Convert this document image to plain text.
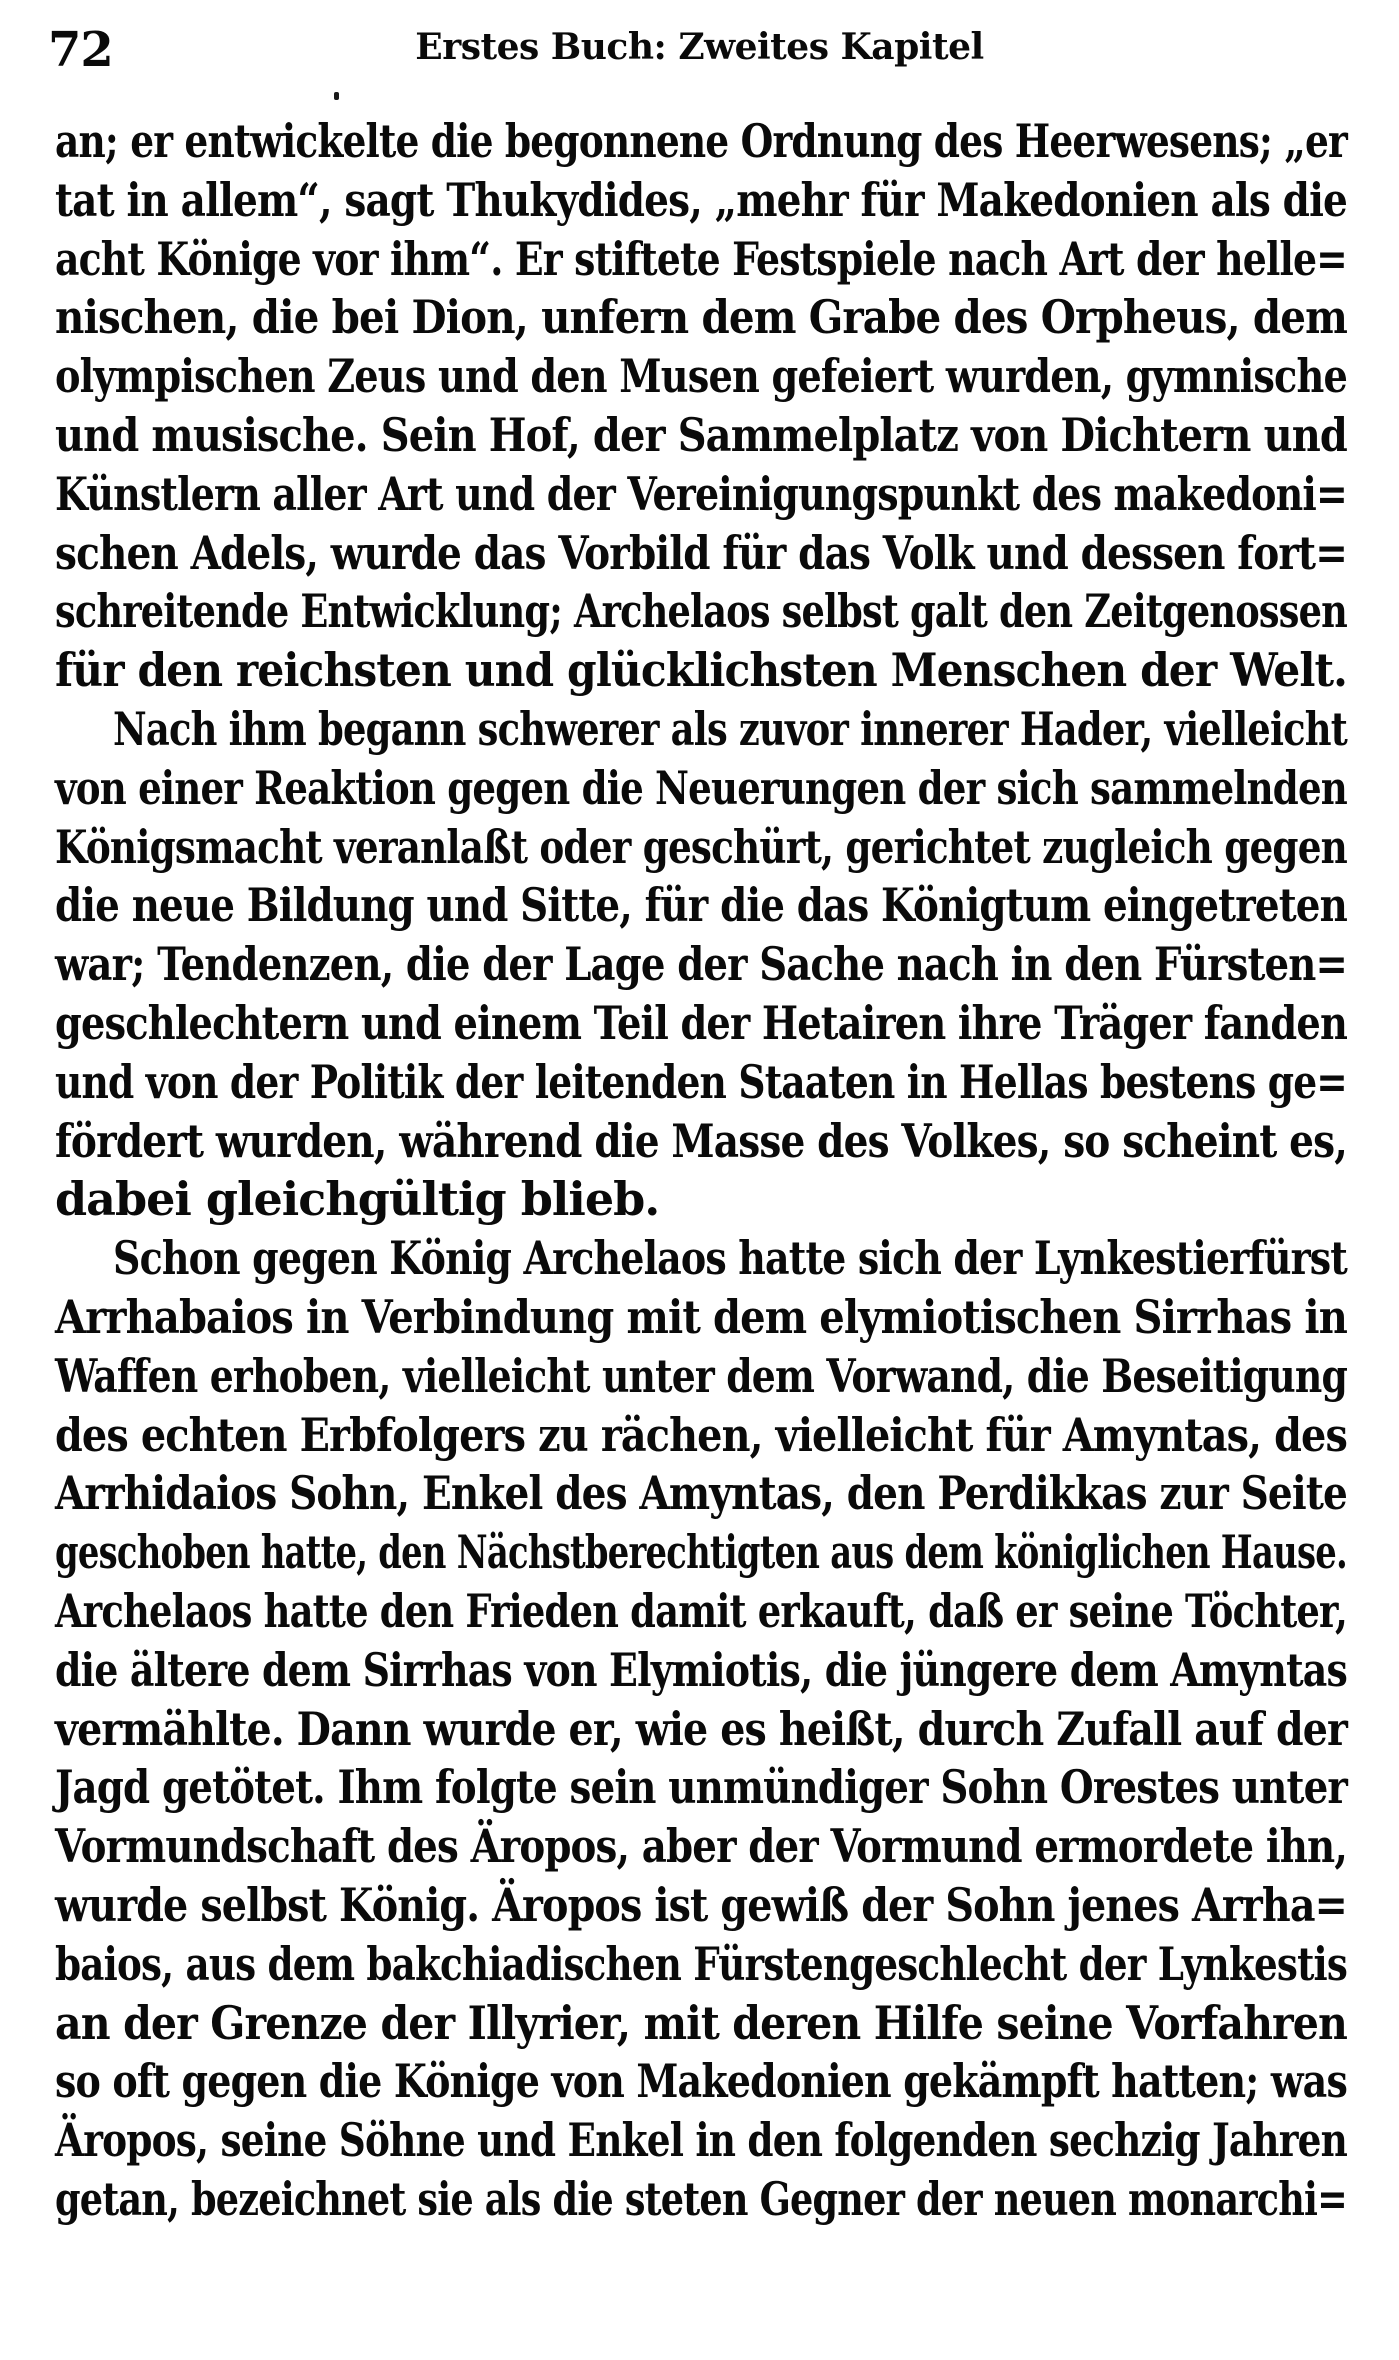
72	Erstes Buch: Zweites Kapitel
an; er entwickelte die begonnene Ordnung des Heerwesens; „er
tat in allem“, sagt Thukydides, „mehr für Makedonien als die
acht Könige vor ihm“. Er stiftete Festspiele nach Art der helle=
nischen, die bei Dion, unfern dem Grabe des Orpheus, dem
olympischen Zeus und den Musen gefeiert wurden, gymnische
und musische. Sein Hof, der Sammelplatz von Dichtern und
Künstlern aller Art und der Vereinigungspunkt des makedoni=
schen Adels, wurde das Vorbild für das Volk und dessen fort=
schreitende Entwicklung; Archelaos selbst galt den Zeitgenossen
für den reichsten und glücklichsten Menschen der Welt.
Nach ihm begann schwerer als zuvor innerer Hader, vielleicht
von einer Reaktion gegen die Neuerungen der sich sammelnden
Königsmacht veranlaßt oder geschürt, gerichtet zugleich gegen
die neue Bildung und Sitte, für die das Königtum eingetreten
war; Tendenzen, die der Lage der Sache nach in den Fürsten=
geschlechtern und einem Teil der Hetairen ihre Träger fanden
und von der Politik der leitenden Staaten in Hellas bestens ge=
fördert wurden, während die Masse des Volkes, so scheint es,
dabei gleichgültig blieb.
Schon gegen König Archelaos hatte sich der Lynkestierfürst
Arrhabaios in Verbindung mit dem elymiotischen Sirrhas in
Waffen erhoben, vielleicht unter dem Vorwand, die Beseitigung
des echten Erbfolgers zu rächen, vielleicht für Amyntas, des
Arrhidaios Sohn, Enkel des Amyntas, den Perdikkas zur Seite
geschoben hatte, den Nächstberechtigten aus dem königlichen Hause.
Archelaos hatte den Frieden damit erkauft, daß er seine Töchter,
die ältere dem Sirrhas von Elymiotis, die jüngere dem Amyntas
vermählte. Dann wurde er, wie es heißt, durch Zufall auf der
Jagd getötet. Ihm folgte sein unmündiger Sohn Orestes unter
Vormundschaft des Äropos, aber der Vormund ermordete ihn,
wurde selbst König. Äropos ist gewiß der Sohn jenes Arrha=
baios, aus dem bakchiadischen Fürstengeschlecht der Lynkestis
an der Grenze der Illyrier, mit deren Hilfe seine Vorfahren
so oft gegen die Könige von Makedonien gekämpft hatten; was
Äropos, seine Söhne und Enkel in den folgenden sechzig Jahren
getan, bezeichnet sie als die steten Gegner der neuen monarchi=
